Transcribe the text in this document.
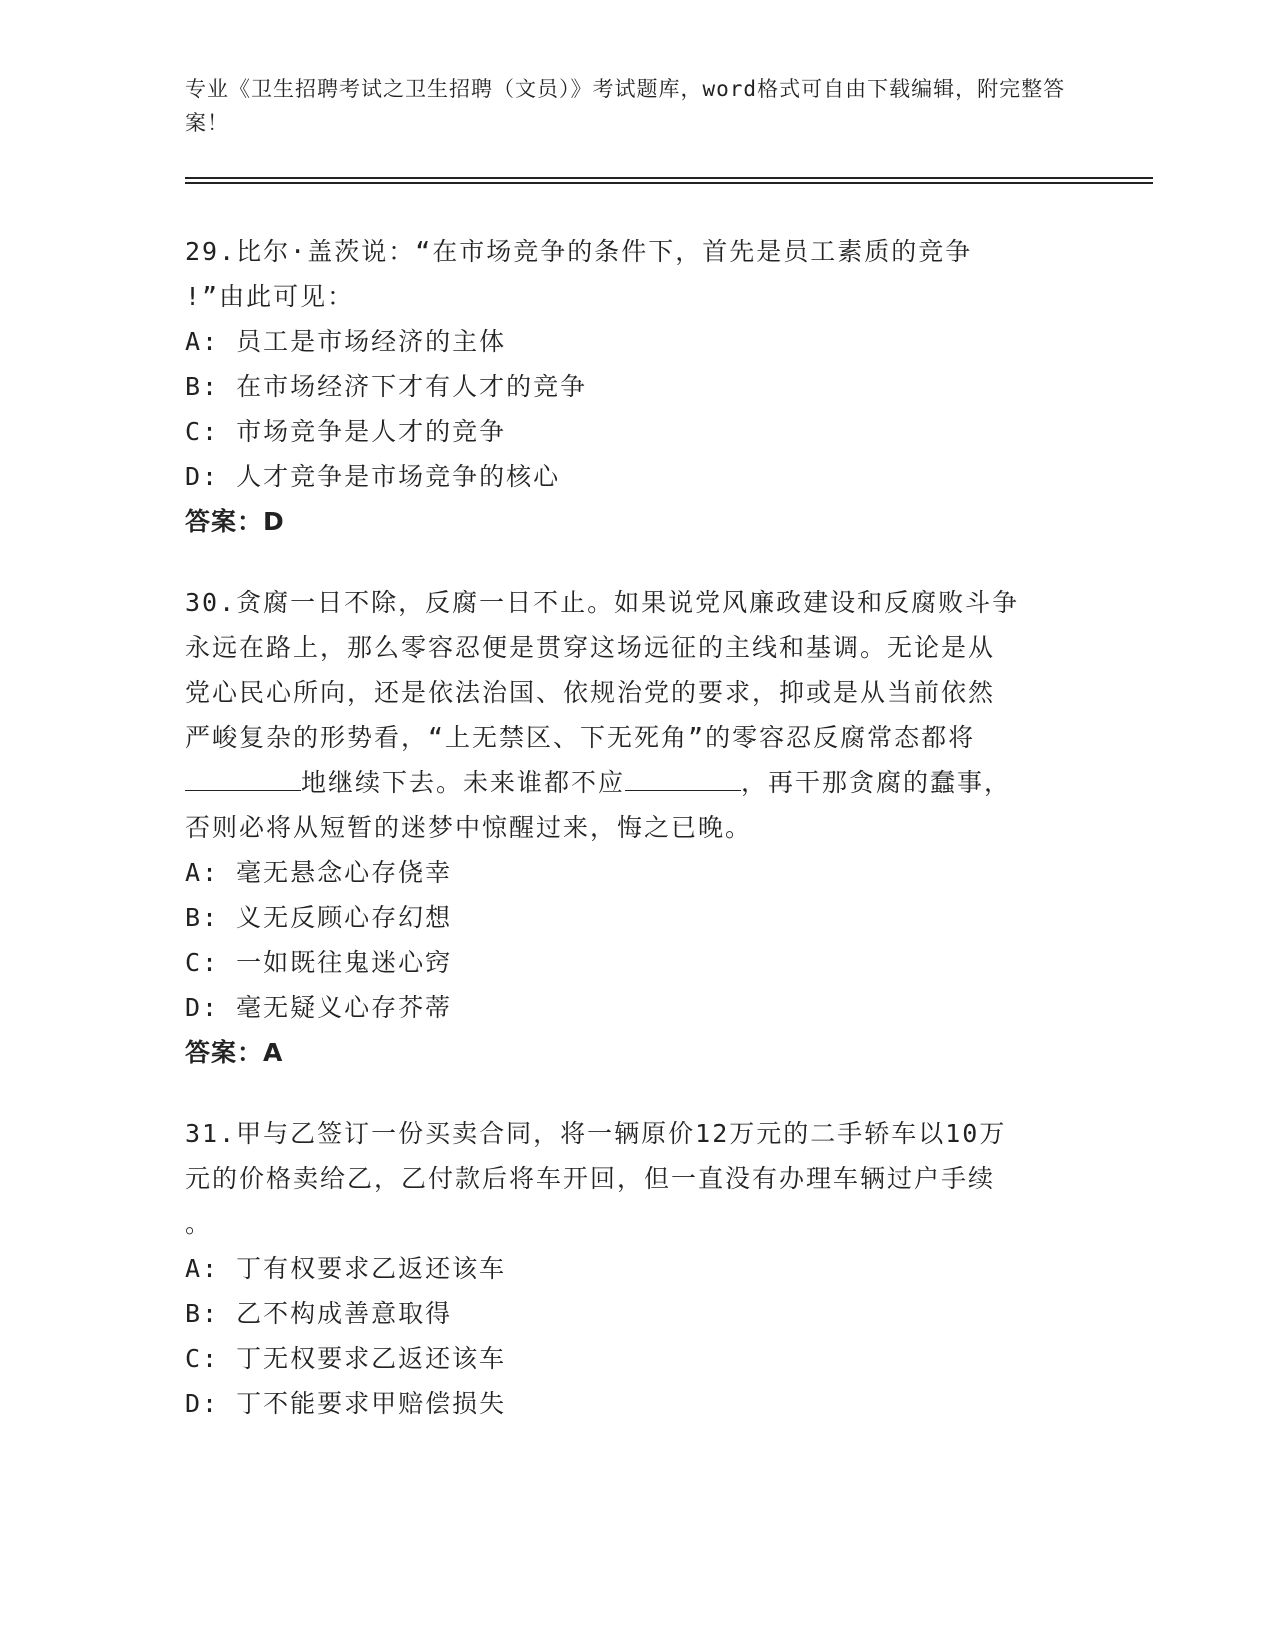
专业《卫生招聘考试之卫生招聘（文员）》考试题库，word格式可自由下载编辑，附完整答案！

29.比尔·盖茨说：“在市场竞争的条件下，首先是员工素质的竞争

!”由此可见：

A: 员工是市场经济的主体

B: 在市场经济下才有人才的竞争

C: 市场竞争是人才的竞争

D: 人才竞争是市场竞争的核心

答案：D

30.贪腐一日不除，反腐一日不止。如果说党风廉政建设和反腐败斗争

永远在路上，那么零容忍便是贯穿这场远征的主线和基调。无论是从

党心民心所向，还是依法治国、依规治党的要求，抑或是从当前依然

严峻复杂的形势看，“上无禁区、下无死角”的零容忍反腐常态都将

地继续下去。未来谁都不应	，再干那贪腐的蠢事，

否则必将从短暂的迷梦中惊醒过来，悔之已晚。

A: 毫无悬念心存侥幸

B: 义无反顾心存幻想

C: 一如既往鬼迷心窍

D: 毫无疑义心存芥蒂

答案：A

31.甲与乙签订一份买卖合同，将一辆原价12万元的二手轿车以10万

元的价格卖给乙，乙付款后将车开回，但一直没有办理车辆过户手续

。

A: 丁有权要求乙返还该车

B: 乙不构成善意取得

C: 丁无权要求乙返还该车

D: 丁不能要求甲赔偿损失
